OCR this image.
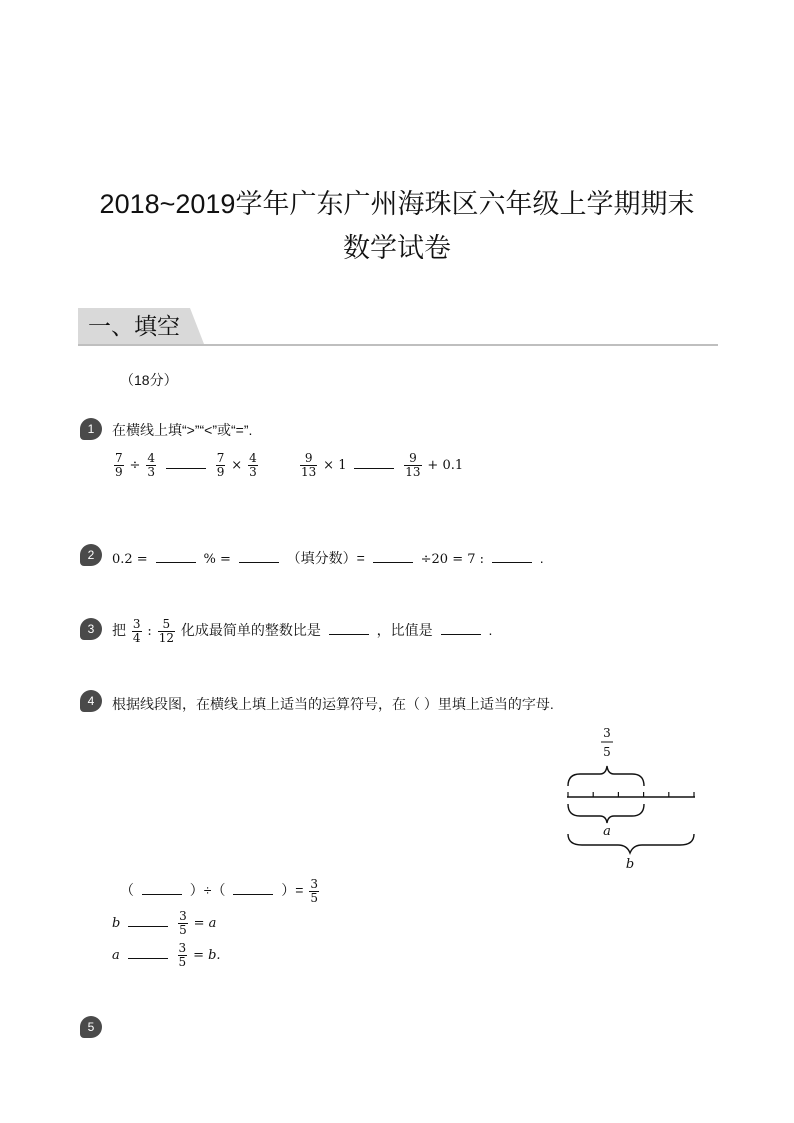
2018~2019学年广东广州海珠区六年级上学期期末
数学试卷
一、填空
（18分）
1	在横线上填“>”“<”或“=”.
$\frac{7}{9} \div \frac{4}{3}$
	$\frac{7}{9} \times \frac{4}{3}$	$\frac{9}{13} \times 1$	$\frac{9}{13} + 0.1$
2	0.2 =	% =	（填分数）=	÷20 = 7 :	.
3	把 $\frac{3}{4}$ : $\frac{5}{12}$ 化成最简单的整数比是	，比值是	.
4	根据线段图，在横线上填上适当的运算符号，在（ ）里填上适当的字母.
3
5
a
b
（	）÷（	）= $\frac{3}{5}$
b	$\frac{3}{5} = a$
a	$\frac{3}{5} = b$.
5
